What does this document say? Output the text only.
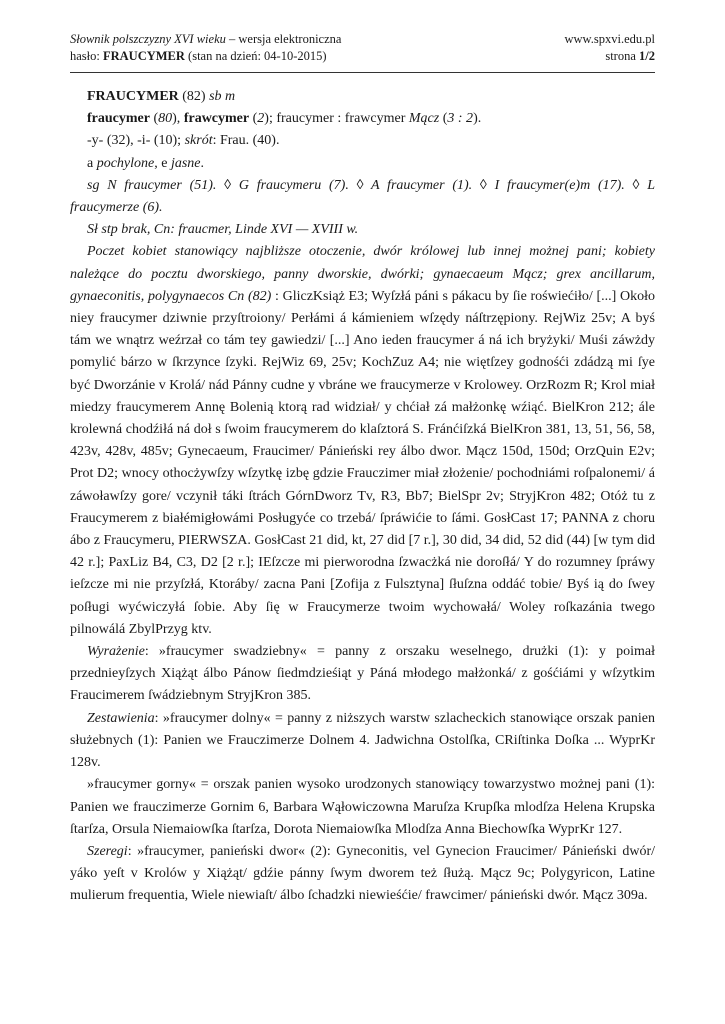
Słownik polszczyzny XVI wieku – wersja elektroniczna	www.spxvi.edu.pl
hasło: FRAUCYMER (stan na dzień: 04-10-2015)	strona 1/2

FRAUCYMER (82) sb m

fraucymer (80), frawcymer (2); fraucymer : frawcymer Mącz (3 : 2).

-y- (32), -i- (10); skrót: Frau. (40).

a pochylone, e jasne.

sg N fraucymer (51). ◊ G fraucymeru (7). ◊ A fraucymer (1). ◊ I fraucymer(e)m (17). ◊ L fraucymerze (6).

Sł stp brak, Cn: fraucmer, Linde XVI — XVIII w.

Poczet kobiet stanowiący najbliższe otoczenie, dwór królowej lub innej możnej pani; kobiety należące do pocztu dworskiego, panny dworskie, dwórki; gynaecaeum Mącz; grex ancillarum, gynaeconitis, polygynaecos Cn (82) : GliczKsiąż E3; Wyſzłá páni s pákacu by ſie roświećiło/ [...] Około niey fraucymer dziwnie przyſtroiony/ Perłámi á kámieniem wſzędy náſtrzępiony. RejWiz 25v; A byś tám we wnątrz weźrzał co tám tey gawiedzi/ [...] Ano ieden fraucymer á ná ich bryżyki/ Muśi záwżdy pomylić bárzo w ſkrzynce ſzyki. RejWiz 69, 25v; KochZuz A4; nie więtſzey godnośći zdádzą mi ſye być Dworzánie v Krolá/ nád Pánny cudne y vbráne we fraucymerze v Krolowey. OrzRozm R; Krol miał miedzy fraucymerem Annę Bolenią ktorą rad widział/ y chćiał zá małżonkę wźiąć. BielKron 212; ále krolewná chodźiłá ná doł s ſwoim fraucymerem do klaſztorá S. Fránćiſzká BielKron 381, 13, 51, 56, 58, 423v, 428v, 485v; Gynecaeum, Fraucimer/ Pánieński rey álbo dwor. Mącz 150d, 150d; OrzQuin E2v; Prot D2; wnocy othocżywſzy wſzytkę izbę gdzie Frauczimer miał złożenie/ pochodniámi roſpalonemi/ á záwoławſzy gore/ vczynił táki ſtrách GórnDworz Tv, R3, Bb7; BielSpr 2v; StryjKron 482; Otóż tu z Fraucymerem z białémigłowámi Posługyće co trzebá/ ſpráwićie to ſámi. GosłCast 17; PANNA z choru ábo z Fraucymeru, PIERWSZA. GosłCast 21 did, kt, 27 did [7 r.], 30 did, 34 did, 52 did (44) [w tym did 42 r.]; PaxLiz B4, C3, D2 [2 r.]; IEſzcze mi pierworodna ſzwacżká nie doroſłá/ Y do rozumney ſpráwy ieſzcze mi nie przyſzłá, Ktoráby/ zacna Pani [Zofija z Fulsztyna] ſłuſzna oddáć tobie/ Byś ią do ſwey poſługi wyćwiczyłá ſobie. Aby ſię w Fraucymerze twoim wychowałá/ Woley roſkazánia twego pilnowálá ZbylPrzyg ktv.

Wyrażenie: »fraucymer swadziebny« = panny z orszaku weselnego, drużki (1): y poimał przednieyſzych Xiążąt álbo Pánow ſiedmdzieśiąt y Páná młodego małżonká/ z gośćiámi y wſzytkim Fraucimerem ſwádziebnym StryjKron 385.

Zestawienia: »fraucymer dolny« = panny z niższych warstw szlacheckich stanowiące orszak panien służebnych (1): Panien we Frauczimerze Dolnem 4. Jadwichna Ostolſka, CRiſtinka Doſka ... WyprKr 128v.

»fraucymer gorny« = orszak panien wysoko urodzonych stanowiący towarzystwo możnej pani (1): Panien we frauczimerze Gornim 6, Barbara Wąłowiczowna Maruſza Krupſka mlodſza Helena Krupska ſtarſza, Orsula Niemaiowſka ſtarſza, Dorota Niemaiowſka Mlodſza Anna Biechowſka WyprKr 127.

Szeregi: »fraucymer, panieński dwor« (2): Gyneconitis, vel Gynecion Fraucimer/ Pánieński dwór/ yáko yeſt v Krolów y Xiążąt/ gdźie pánny ſwym dworem też ſłużą. Mącz 9c; Polygyricon, Latine mulierum frequentia, Wiele niewiaſt/ álbo ſchadzki niewieśćie/ frawcimer/ pánieński dwór. Mącz 309a.
